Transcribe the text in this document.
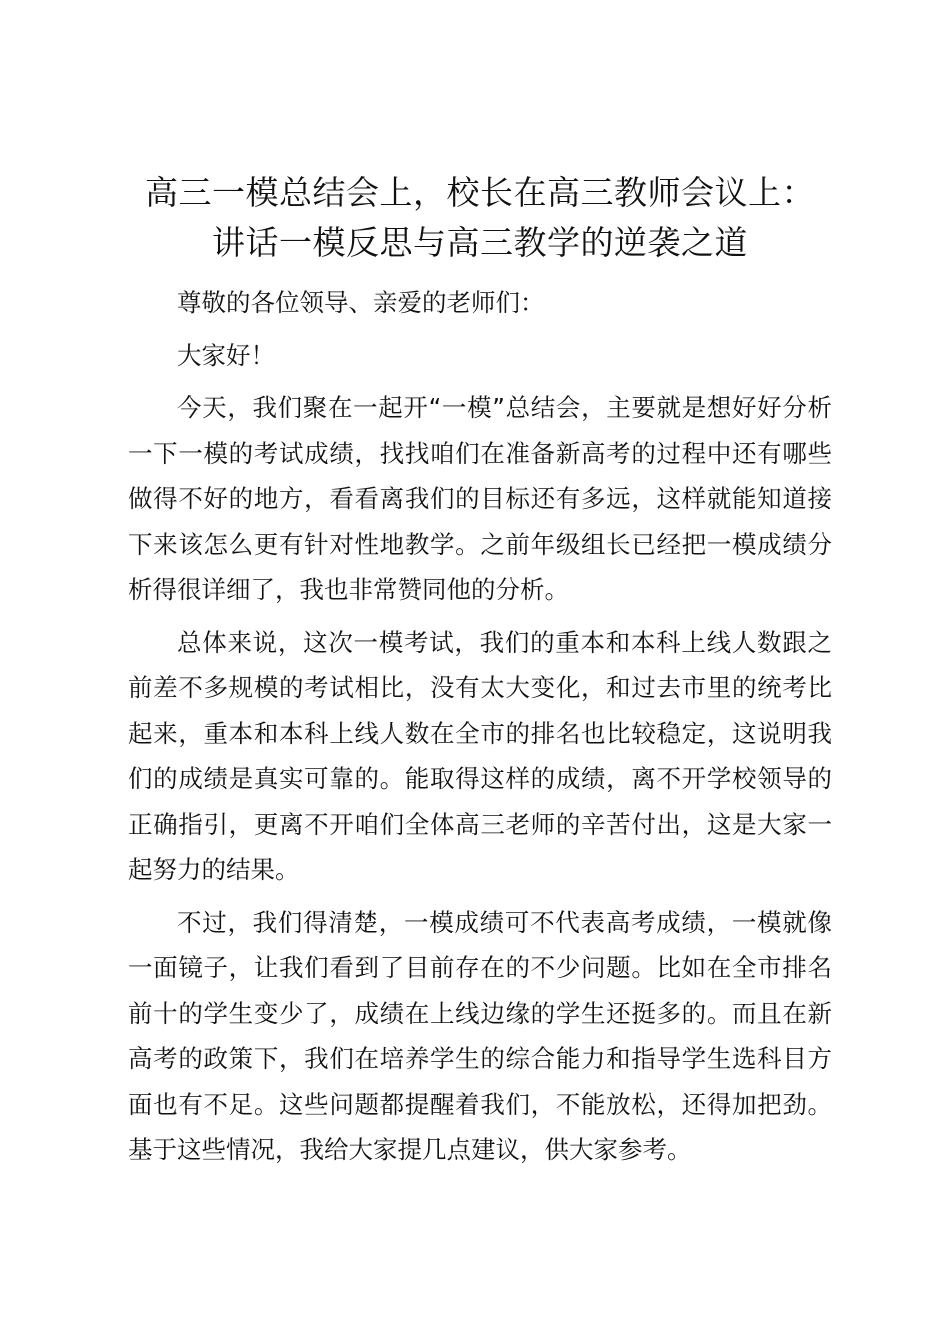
高三一模总结会上，校长在高三教师会议上：
讲话一模反思与高三教学的逆袭之道

尊敬的各位领导、亲爱的老师们：

大家好！

今天，我们聚在一起开“一模”总结会，主要就是想好好分析一下一模的考试成绩，找找咱们在准备新高考的过程中还有哪些做得不好的地方，看看离我们的目标还有多远，这样就能知道接下来该怎么更有针对性地教学。之前年级组长已经把一模成绩分析得很详细了，我也非常赞同他的分析。

总体来说，这次一模考试，我们的重本和本科上线人数跟之前差不多规模的考试相比，没有太大变化，和过去市里的统考比起来，重本和本科上线人数在全市的排名也比较稳定，这说明我们的成绩是真实可靠的。能取得这样的成绩，离不开学校领导的正确指引，更离不开咱们全体高三老师的辛苦付出，这是大家一起努力的结果。

不过，我们得清楚，一模成绩可不代表高考成绩，一模就像一面镜子，让我们看到了目前存在的不少问题。比如在全市排名前十的学生变少了，成绩在上线边缘的学生还挺多的。而且在新高考的政策下，我们在培养学生的综合能力和指导学生选科目方面也有不足。这些问题都提醒着我们，不能放松，还得加把劲。基于这些情况，我给大家提几点建议，供大家参考。
